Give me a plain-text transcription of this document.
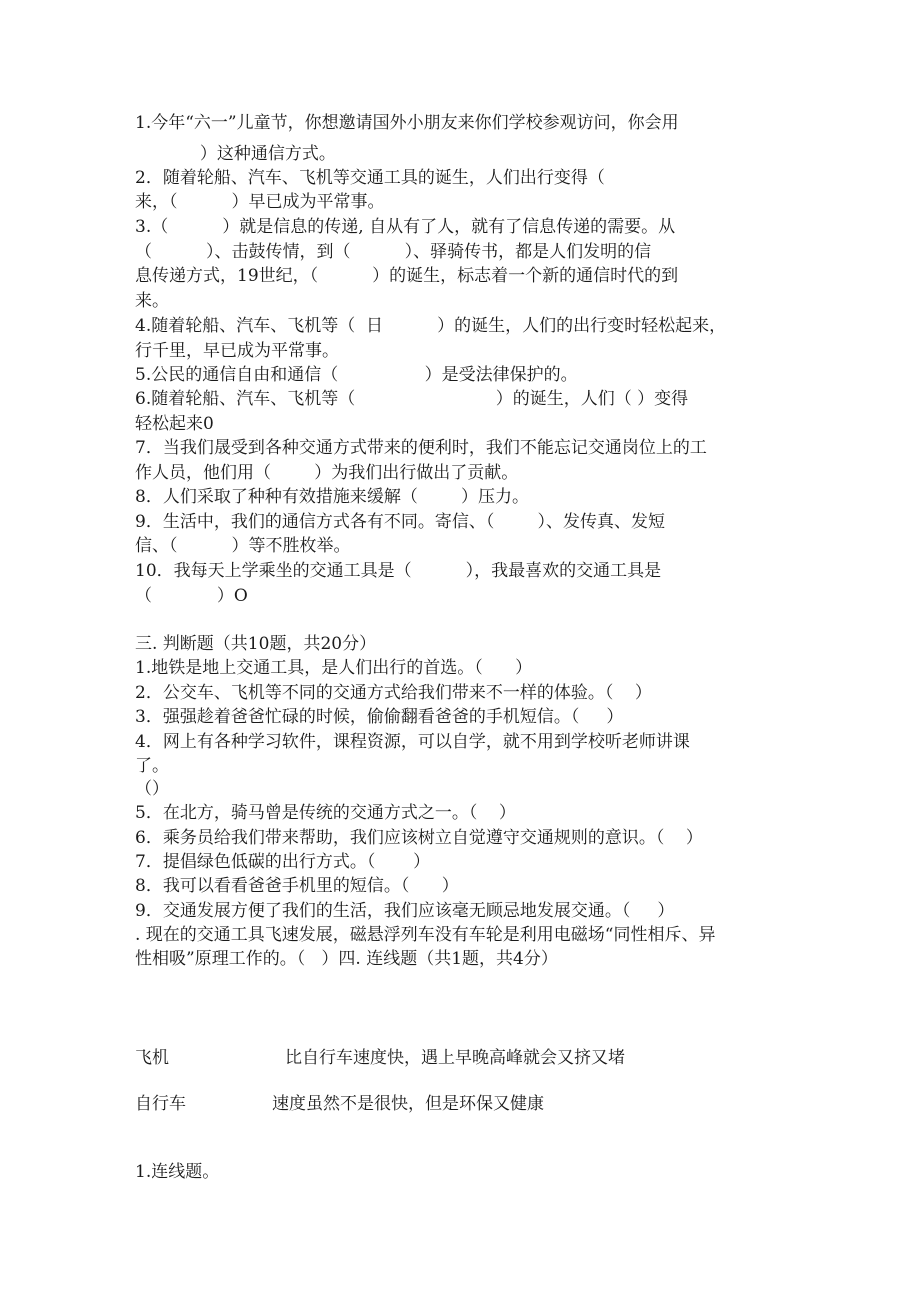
1.今年“六一”儿童节，你想邀请国外小朋友来你们学校参观访问，你会用
）这种通信方式。
2．随着轮船、汽车、飞机等交通工具的诞生，人们出行变得（
来，（          ）早已成为平常事。
3.（          ）就是信息的传递, 自从有了人，就有了信息传递的需要。从
（          ）、击鼓传情，到（          ）、驿骑传书，都是人们发明的信
息传递方式，19世纪，（          ）的诞生，标志着一个新的通信时代的到
来。
4.随着轮船、汽车、飞机等（  日          ）的诞生，人们的出行变时轻松起来，
行千里，早已成为平常事。
5.公民的通信自由和通信（                ）是受法律保护的。
6.随着轮船、汽车、飞机等（                          ）的诞生，人们（ ）变得
轻松起来0
7．当我们晟受到各种交通方式带来的便利时，我们不能忘记交通岗位上的工
作人员，他们用（        ）为我们出行做出了贡献。
8．人们采取了种种有效措施来缓解（        ）压力。
9．生活中，我们的通信方式各有不同。寄信、（        ）、发传真、发短
信、（          ）等不胜枚举。
10．我每天上学乘坐的交通工具是（          ），我最喜欢的交通工具是
（            ）O
三. 判断题（共10题，共20分）
1.地铁是地上交通工具，是人们出行的首选。（      ）
2．公交车、飞机等不同的交通方式给我们带来不一样的体验。（    ）
3．强强趁着爸爸忙碌的时候，偷偷翻看爸爸的手机短信。（     ）
4．网上有各种学习软件，课程资源，可以自学，就不用到学校听老师讲课
了。
（）
5．在北方，骑马曾是传统的交通方式之一。（    ）
6．乘务员给我们带来帮助，我们应该树立自觉遵守交通规则的意识。（    ）
7．提倡绿色低碳的出行方式。（       ）
8．我可以看看爸爸手机里的短信。（      ）
9．交通发展方便了我们的生活，我们应该毫无顾忌地发展交通。（     ）
. 现在的交通工具飞速发展，磁悬浮列车没有车轮是利用电磁场“同性相斥、异
性相吸”原理工作的。（   ）四. 连线题（共1题，共4分）
飞机	比自行车速度快，遇上早晚高峰就会又挤又堵
自行车	速度虽然不是很快，但是环保又健康
1.连线题。
